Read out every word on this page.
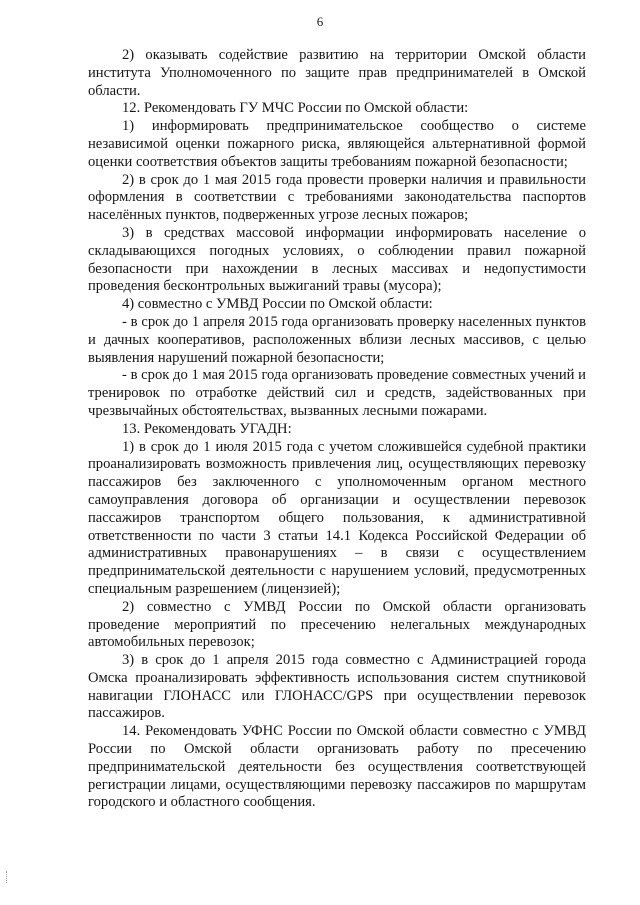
6

2) оказывать содействие развитию на территории Омской области института Уполномоченного по защите прав предпринимателей в Омской области.

12. Рекомендовать ГУ МЧС России по Омской области:

1) информировать предпринимательское сообщество о системе независимой оценки пожарного риска, являющейся альтернативной формой оценки соответствия объектов защиты требованиям пожарной безопасности;

2) в срок до 1 мая 2015 года провести проверки наличия и правильности оформления в соответствии с требованиями законодательства паспортов населённых пунктов, подверженных угрозе лесных пожаров;

3) в средствах массовой информации информировать население о складывающихся погодных условиях, о соблюдении правил пожарной безопасности при нахождении в лесных массивах и недопустимости проведения бесконтрольных выжиганий травы (мусора);

4) совместно с УМВД России по Омской области:

- в срок до 1 апреля 2015 года организовать проверку населенных пунктов и дачных кооперативов, расположенных вблизи лесных массивов, с целью выявления нарушений пожарной безопасности;

- в срок до 1 мая 2015 года организовать проведение совместных учений и тренировок по отработке действий сил и средств, задействованных при чрезвычайных обстоятельствах, вызванных лесными пожарами.

13. Рекомендовать УГАДН:

1) в срок до 1 июля 2015 года с учетом сложившейся судебной практики проанализировать возможность привлечения лиц, осуществляющих перевозку пассажиров без заключенного с уполномоченным органом местного самоуправления договора об организации и осуществлении перевозок пассажиров транспортом общего пользования, к административной ответственности по части 3 статьи 14.1 Кодекса Российской Федерации об административных правонарушениях – в связи с осуществлением предпринимательской деятельности с нарушением условий, предусмотренных специальным разрешением (лицензией);

2) совместно с УМВД России по Омской области организовать проведение мероприятий по пресечению нелегальных международных автомобильных перевозок;

3) в срок до 1 апреля 2015 года совместно с Администрацией города Омска проанализировать эффективность использования систем спутниковой навигации ГЛОНАСС или ГЛОНАСС/GPS при осуществлении перевозок пассажиров.

14. Рекомендовать УФНС России по Омской области совместно с УМВД России по Омской области организовать работу по пресечению предпринимательской деятельности без осуществления соответствующей регистрации лицами, осуществляющими перевозку пассажиров по маршрутам городского и областного сообщения.
